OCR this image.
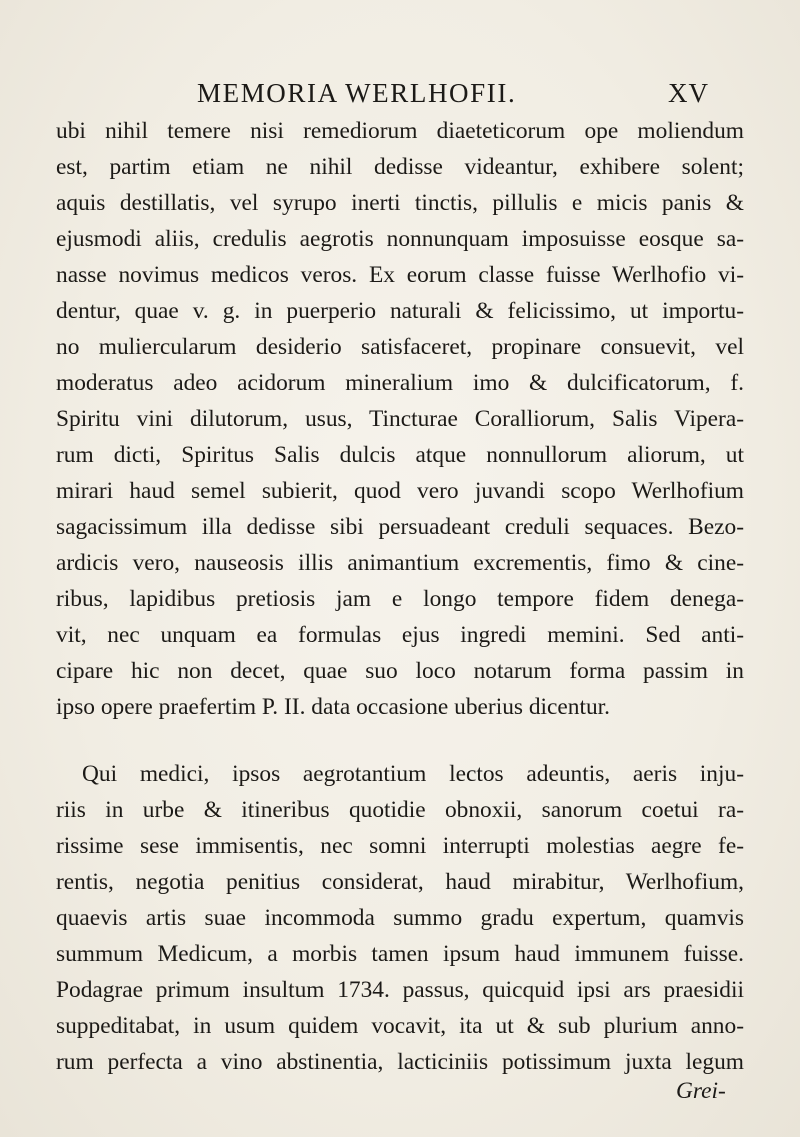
MEMORIA WERLHOFII.	XV
ubi nihil temere nisi remediorum diaeteticorum ope moliendum
est, partim etiam ne nihil dedisse videantur, exhibere solent;
aquis destillatis, vel syrupo inerti tinctis, pillulis e micis panis &
ejusmodi aliis, credulis aegrotis nonnunquam imposuisse eosque sa-
nasse novimus medicos veros. Ex eorum classe fuisse Werlhofio vi-
dentur, quae v. g. in puerperio naturali & felicissimo, ut importu-
no muliercularum desiderio satisfaceret, propinare consuevit, vel
moderatus adeo acidorum mineralium imo & dulcificatorum, f.
Spiritu vini dilutorum, usus, Tincturae Coralliorum, Salis Vipera-
rum dicti, Spiritus Salis dulcis atque nonnullorum aliorum, ut
mirari haud semel subierit, quod vero juvandi scopo Werlhofium
sagacissimum illa dedisse sibi persuadeant creduli sequaces. Bezo-
ardicis vero, nauseosis illis animantium excrementis, fimo & cine-
ribus, lapidibus pretiosis jam e longo tempore fidem denega-
vit, nec unquam ea formulas ejus ingredi memini. Sed anti-
cipare hic non decet, quae suo loco notarum forma passim in
ipso opere praefertim P. II. data occasione uberius dicentur.
Qui medici, ipsos aegrotantium lectos adeuntis, aeris inju-
riis in urbe & itineribus quotidie obnoxii, sanorum coetui ra-
rissime sese immisentis, nec somni interrupti molestias aegre fe-
rentis, negotia penitius considerat, haud mirabitur, Werlhofium,
quaevis artis suae incommoda summo gradu expertum, quamvis
summum Medicum, a morbis tamen ipsum haud immunem fuisse.
Podagrae primum insultum 1734. passus, quicquid ipsi ars praesidii
suppeditabat, in usum quidem vocavit, ita ut & sub plurium anno-
rum perfecta a vino abstinentia, lacticiniis potissimum juxta legum
Grei-
